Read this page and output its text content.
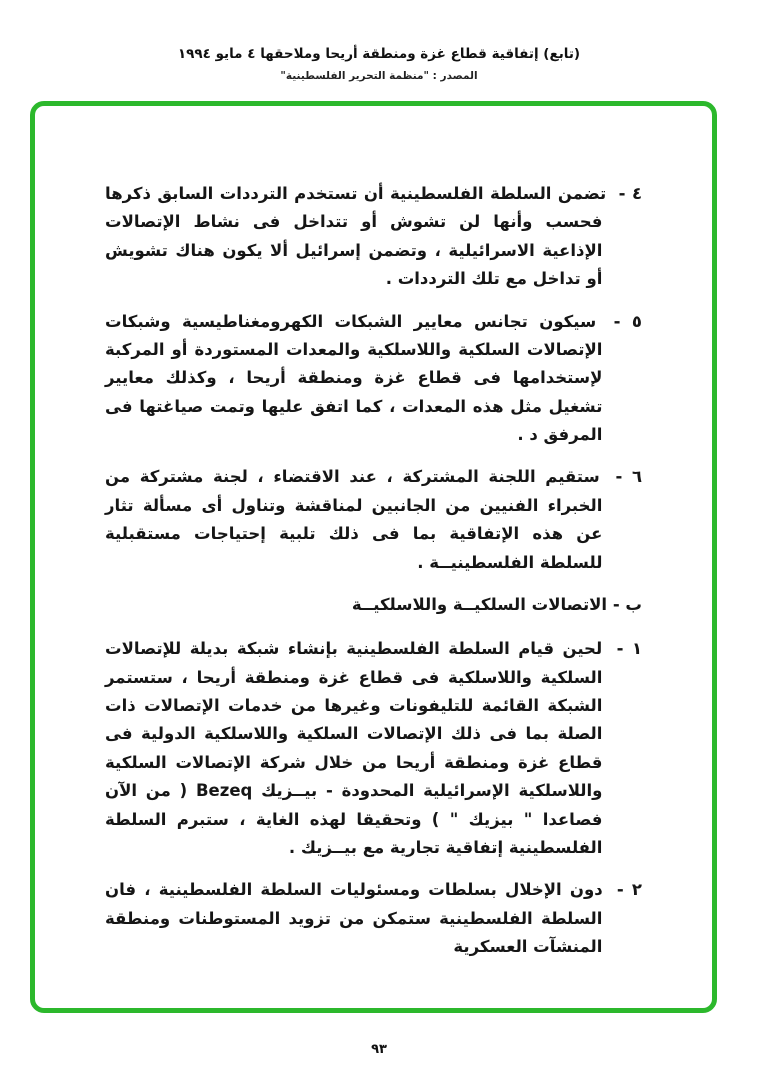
(تابع) إتفاقية قطاع غزة ومنطقة أريحا وملاحقها ٤ مايو ١٩٩٤
المصدر : "منظمة التحرير الفلسطينية"

٤ - تضمن السلطة الفلسطينية أن تستخدم الترددات السابق ذكرها فحسب وأنها لن تشوش أو تتداخل فى نشاط الإتصالات الإذاعية الاسرائيلية ، وتضمن إسرائيل ألا يكون هناك تشويش أو تداخل مع تلك الترددات .

٥ - سيكون تجانس معايير الشبكات الكهرومغناطيسية وشبكات الإتصالات السلكية واللاسلكية والمعدات المستوردة أو المركبة لإستخدامها فى قطاع غزة ومنطقة أريحا ، وكذلك معايير تشغيل مثل هذه المعدات ، كما اتفق عليها وتمت صياغتها فى المرفق د .

٦ - ستقيم اللجنة المشتركة ، عند الاقتضاء ، لجنة مشتركة من الخبراء الفنيين من الجانبين لمناقشة وتناول أى مسألة تثار عن هذه الإتفاقية بما فى ذلك تلبية إحتياجات مستقبلية للسلطة الفلسطينيــة .

ب - الاتصالات السلكيــة واللاسلكيــة

١ - لحين قيام السلطة الفلسطينية بإنشاء شبكة بديلة للإتصالات السلكية واللاسلكية فى قطاع غزة ومنطقة أريحا ، ستستمر الشبكة القائمة للتليفونات وغيرها من خدمات الإتصالات ذات الصلة بما فى ذلك الإتصالات السلكية واللاسلكية الدولية فى قطاع غزة ومنطقة أريحا من خلال شركة الإتصالات السلكية واللاسلكية الإسرائيلية المحدودة - بيــزيك Bezeq ( من الآن فصاعدا " بيزيك " ) وتحقيقا لهذه الغاية ، ستبرم السلطة الفلسطينية إتفاقية تجارية مع بيــزيك .

٢ - دون الإخلال بسلطات ومسئوليات السلطة الفلسطينية ، فان السلطة الفلسطينية ستمكن من تزويد المستوطنات ومنطقة المنشآت العسكرية

٩٣
